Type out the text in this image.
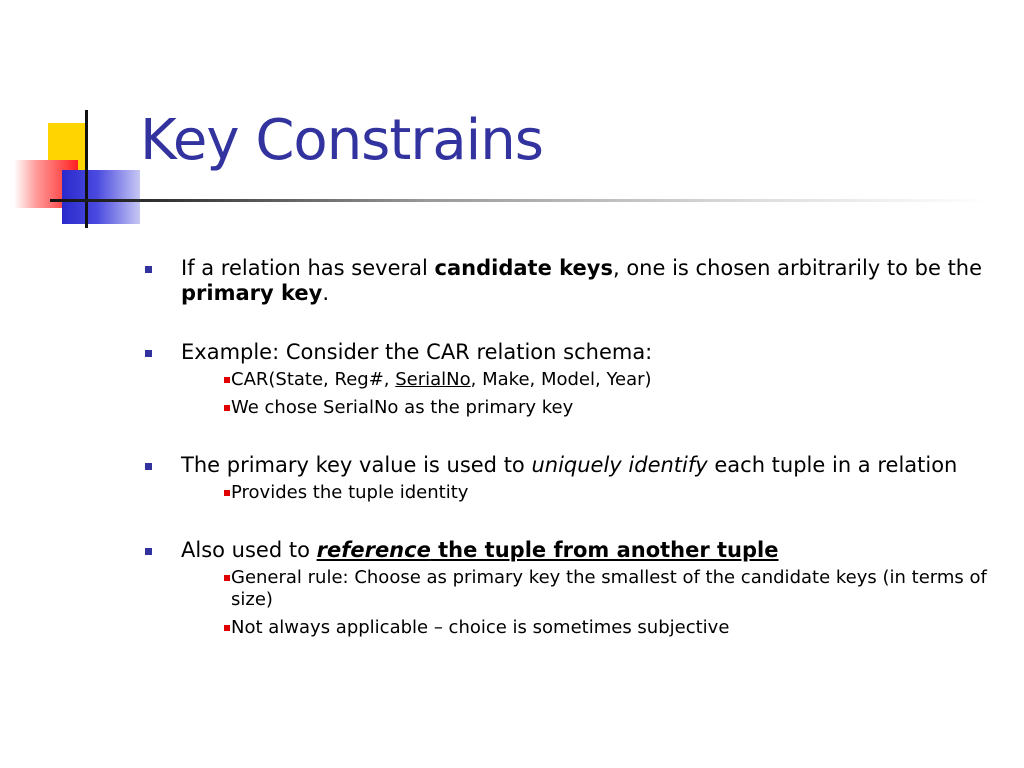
Key Constrains
If a relation has several candidate keys, one is chosen arbitrarily to be the primary key.
Example: Consider the CAR relation schema:
CAR(State, Reg#, SerialNo, Make, Model, Year)
We chose SerialNo as the primary key
The primary key value is used to uniquely identify each tuple in a relation
Provides the tuple identity
Also used to reference the tuple from another tuple
General rule: Choose as primary key the smallest of the candidate keys (in terms of size)
Not always applicable – choice is sometimes subjective
